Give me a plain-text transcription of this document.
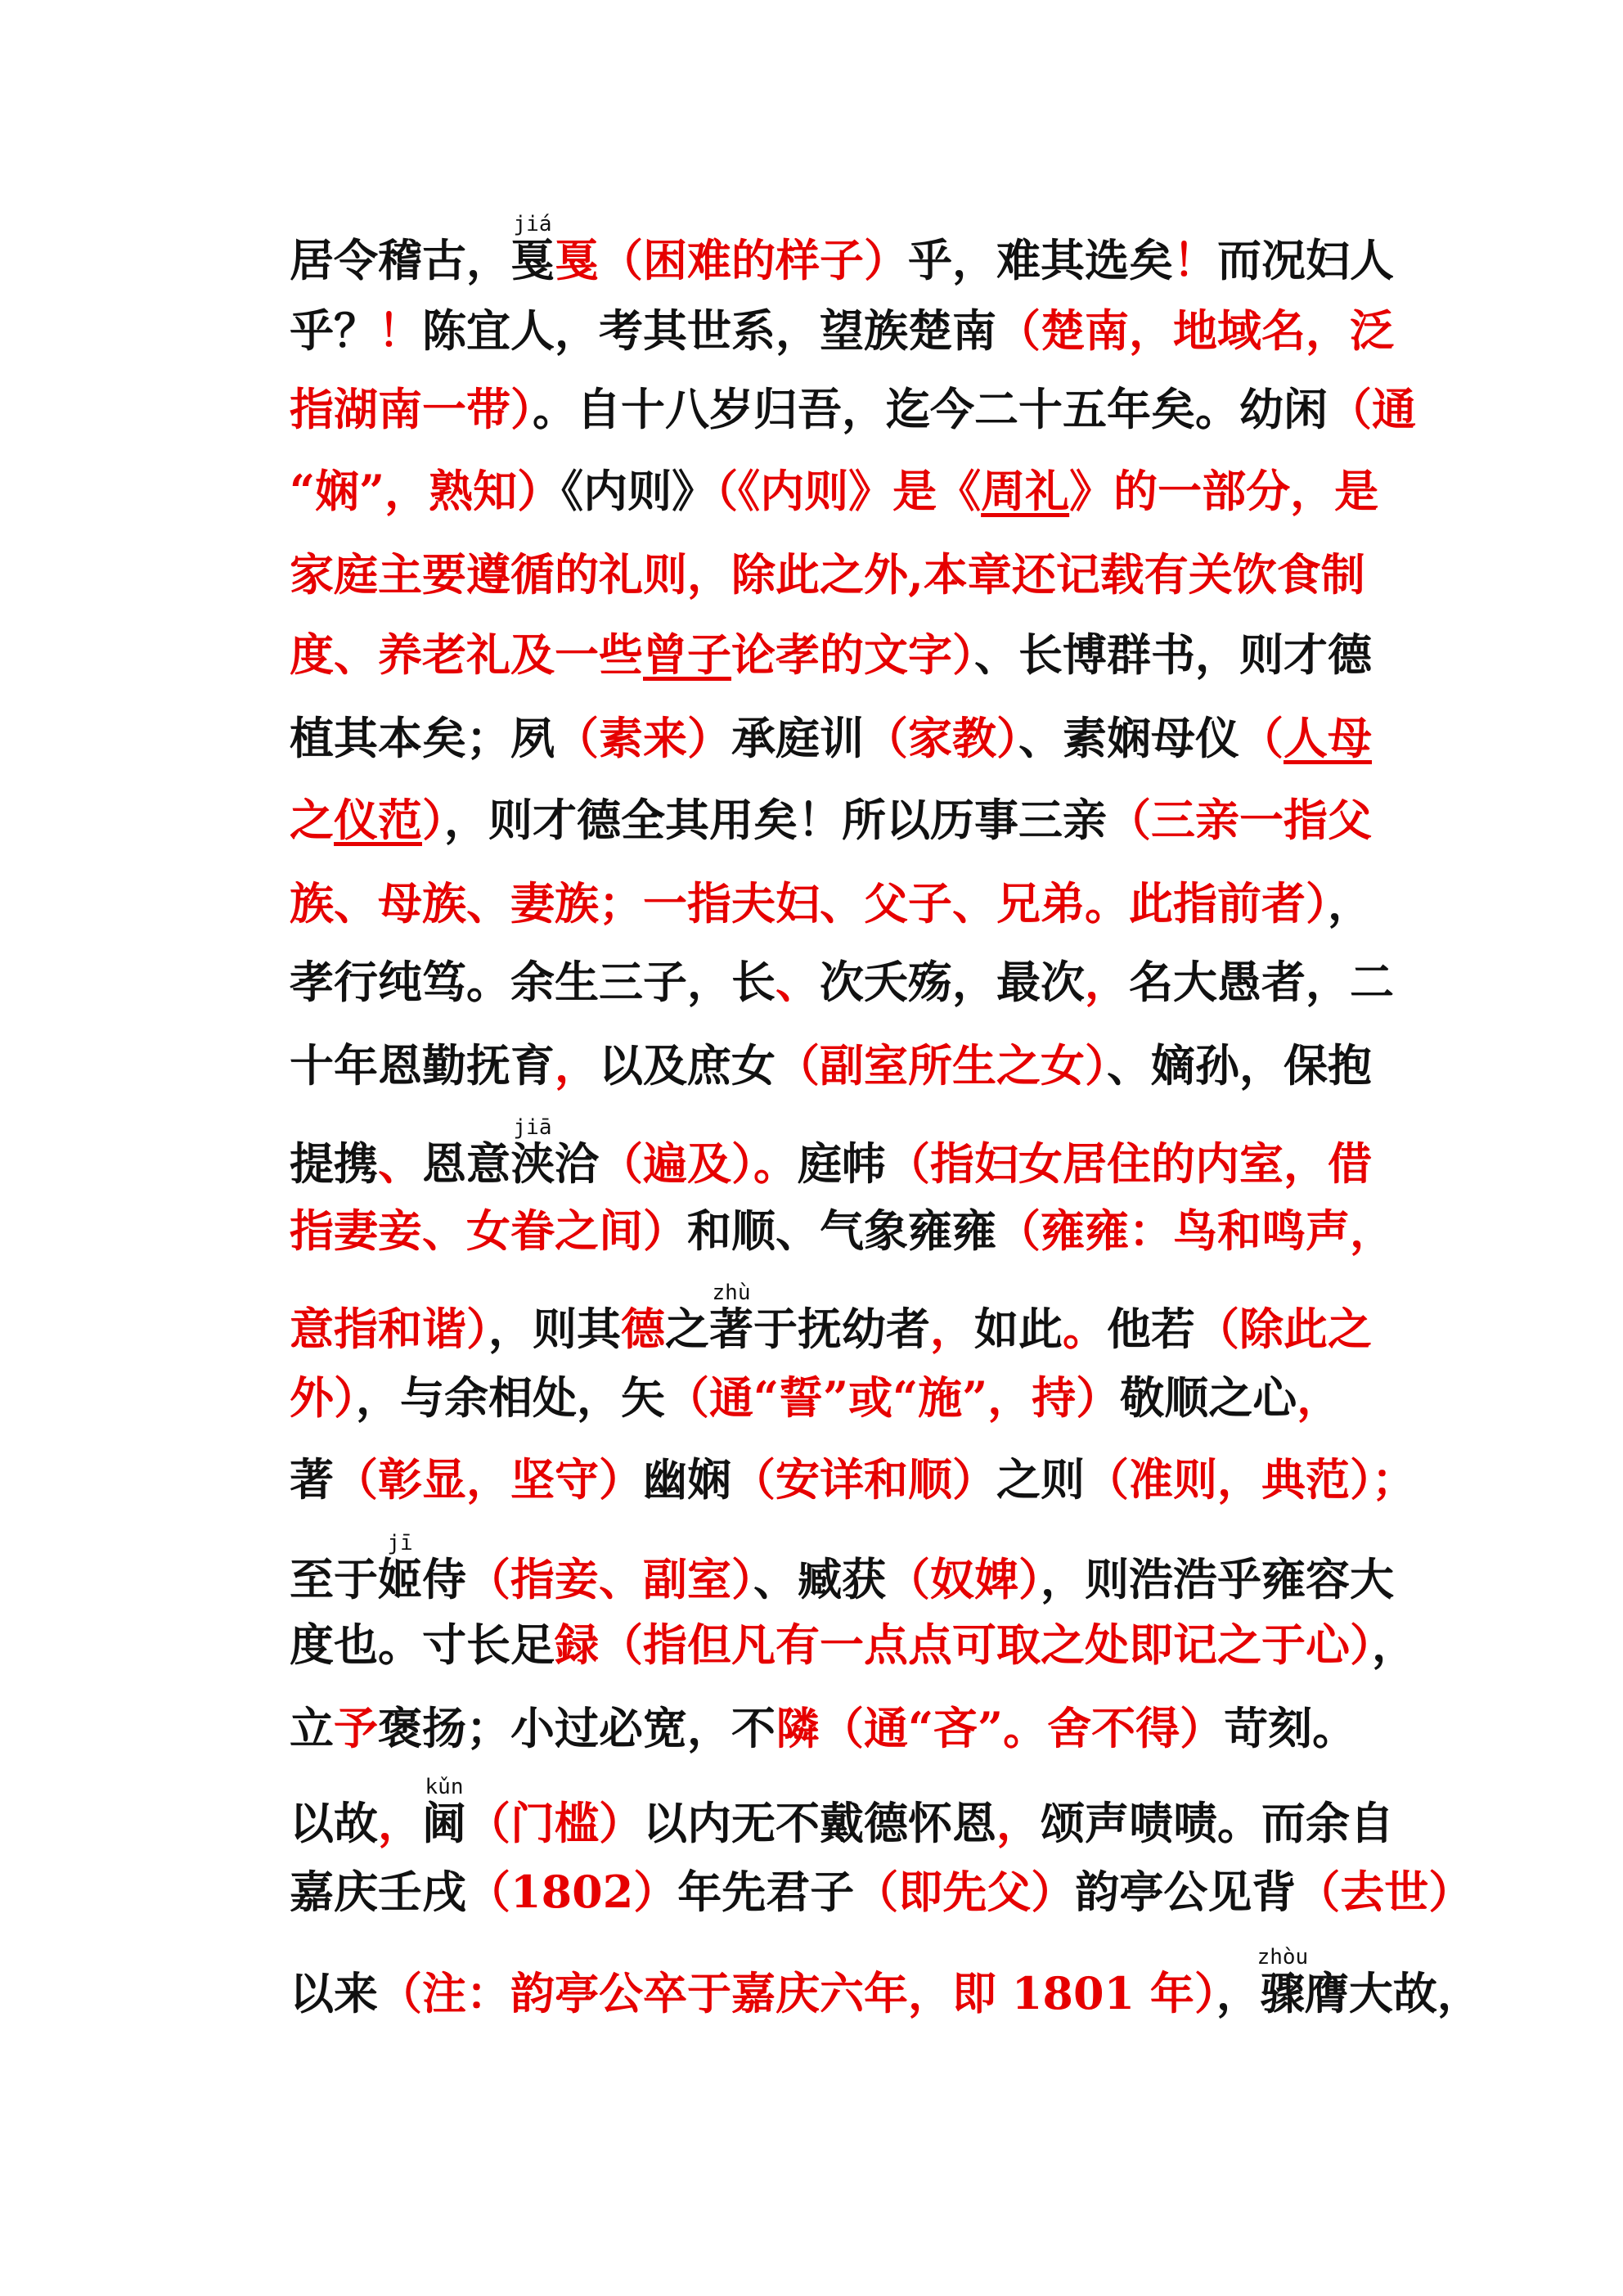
居令稽古，戛jiá戛（困难的样子）乎，难其选矣！而况妇人
乎？！陈宜人，考其世系，望族楚南（楚南，地域名，泛
指湖南一带）。自十八岁归吾，迄今二十五年矣。幼闲（通
“娴”，熟知）《内则》（《内则》是《周礼》的一部分，是
家庭主要遵循的礼则，除此之外,本章还记载有关饮食制
度、养老礼及一些曾子论孝的文字）、长博群书，则才德
植其本矣；夙（素来）承庭训（家教）、素娴母仪（人母
之仪范），则才德全其用矣！所以历事三亲（三亲一指父
族、母族、妻族；一指夫妇、父子、兄弟。此指前者），
孝行纯笃。余生三子，长、次夭殇，最次，名大愚者，二
十年恩勤抚育，以及庶女（副室所生之女）、嫡孙，保抱
提携、恩意浃jiā洽（遍及）。庭帏（指妇女居住的内室，借
指妻妾、女眷之间）和顺、气象雍雍（雍雍：鸟和鸣声，
意指和谐），则其德之著zhù于抚幼者，如此。他若（除此之
外），与余相处，矢（通“誓”或“施”，持）敬顺之心，
著（彰显，坚守）幽娴（安详和顺）之则（准则，典范）；
至于姬jī侍（指妾、副室）、臧获（奴婢），则浩浩乎雍容大
度也。寸长足録（指但凡有一点点可取之处即记之于心），
立予褒扬；小过必宽，不隣（通“吝”。舍不得）苛刻。
以故，阃kǔn（门槛）以内无不戴德怀恩，颂声啧啧。而余自
嘉庆壬戌（1802）年先君子（即先父）韵亭公见背（去世）
以来（注：韵亭公卒于嘉庆六年，即 1801 年），骤zhòu膺大故，
